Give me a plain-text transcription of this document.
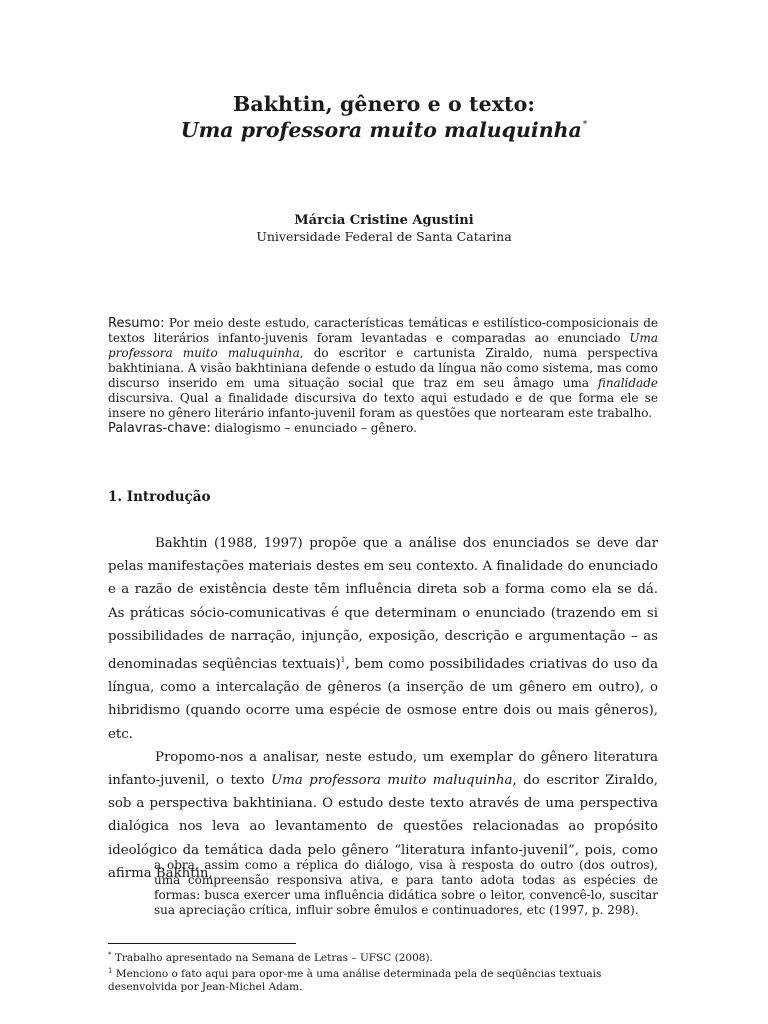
Bakhtin, gênero e o texto:
Uma professora muito maluquinha*
Márcia Cristine Agustini
Universidade Federal de Santa Catarina
Resumo: Por meio deste estudo, características temáticas e estilístico-composicionais de textos literários infanto-juvenis foram levantadas e comparadas ao enunciado Uma professora muito maluquinha, do escritor e cartunista Ziraldo, numa perspectiva bakhtiniana. A visão bakhtiniana defende o estudo da língua não como sistema, mas como discurso inserido em uma situação social que traz em seu âmago uma finalidade discursiva. Qual a finalidade discursiva do texto aqui estudado e de que forma ele se insere no gênero literário infanto-juvenil foram as questões que nortearam este trabalho.
Palavras-chave: dialogismo – enunciado – gênero.
1. Introdução

Bakhtin (1988, 1997) propõe que a análise dos enunciados se deve dar pelas manifestações materiais destes em seu contexto. A finalidade do enunciado e a razão de existência deste têm influência direta sob a forma como ela se dá. As práticas sócio-comunicativas é que determinam o enunciado (trazendo em si possibilidades de narração, injunção, exposição, descrição e argumentação – as denominadas seqüências textuais)$^1$, bem como possibilidades criativas do uso da língua, como a intercalação de gêneros (a inserção de um gênero em outro), o hibridismo (quando ocorre uma espécie de osmose entre dois ou mais gêneros), etc.

Propomo-nos a analisar, neste estudo, um exemplar do gênero literatura infanto-juvenil, o texto Uma professora muito maluquinha, do escritor Ziraldo, sob a perspectiva bakhtiniana. O estudo deste texto através de uma perspectiva dialógica nos leva ao levantamento de questões relacionadas ao propósito ideológico da temática dada pelo gênero “literatura infanto-juvenil”, pois, como afirma Bakhtin,

a obra, assim como a réplica do diálogo, visa à resposta do outro (dos outros), uma compreensão responsiva ativa, e para tanto adota todas as espécies de formas: busca exercer uma influência didática sobre o leitor, convencê-lo, suscitar sua apreciação crítica, influir sobre êmulos e continuadores, etc (1997, p. 298).
* Trabalho apresentado na Semana de Letras – UFSC (2008).
$^1$ Menciono o fato aqui para opor-me à uma análise determinada pela de seqüências textuais desenvolvida por Jean-Michel Adam.
